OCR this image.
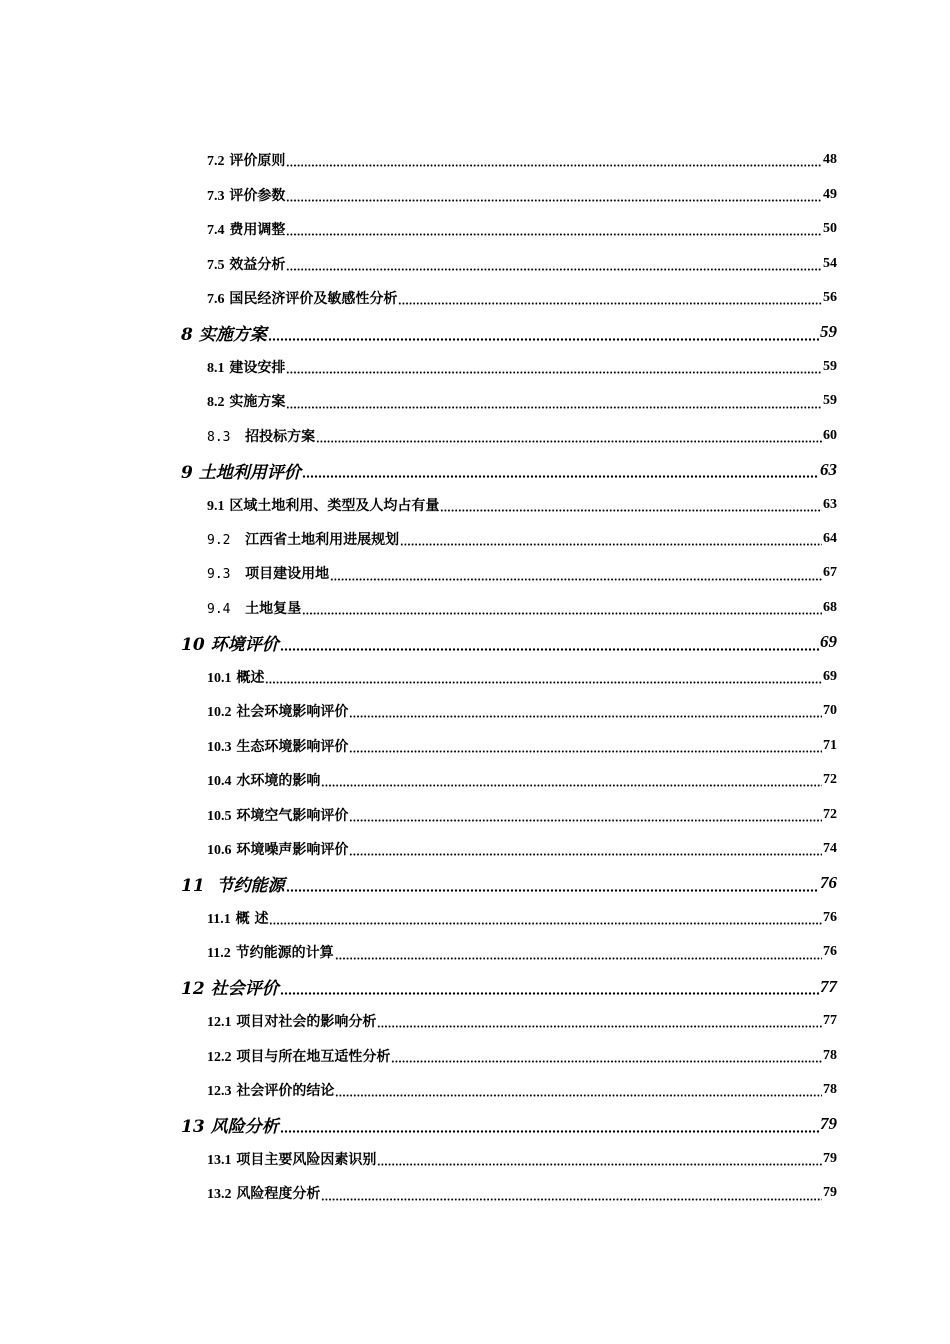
7.2 评价原则	48
7.3 评价参数	49
7.4 费用调整	50
7.5 效益分析	54
7.6 国民经济评价及敏感性分析	56
8 实施方案	59
8.1 建设安排	59
8.2 实施方案	59
8.3 招投标方案	60
9 土地利用评价	63
9.1 区域土地利用、类型及人均占有量	63
9.2 江西省土地利用进展规划	64
9.3 项目建设用地	67
9.4 土地复垦	68
10 环境评价	69
10.1 概述	69
10.2 社会环境影响评价	70
10.3 生态环境影响评价	71
10.4 水环境的影响	72
10.5 环境空气影响评价	72
10.6 环境噪声影响评价	74
11  节约能源	76
11.1 概 述	76
11.2 节约能源的计算	76
12 社会评价	77
12.1 项目对社会的影响分析	77
12.2 项目与所在地互适性分析	78
12.3 社会评价的结论	78
13 风险分析	79
13.1 项目主要风险因素识别	79
13.2 风险程度分析	79
